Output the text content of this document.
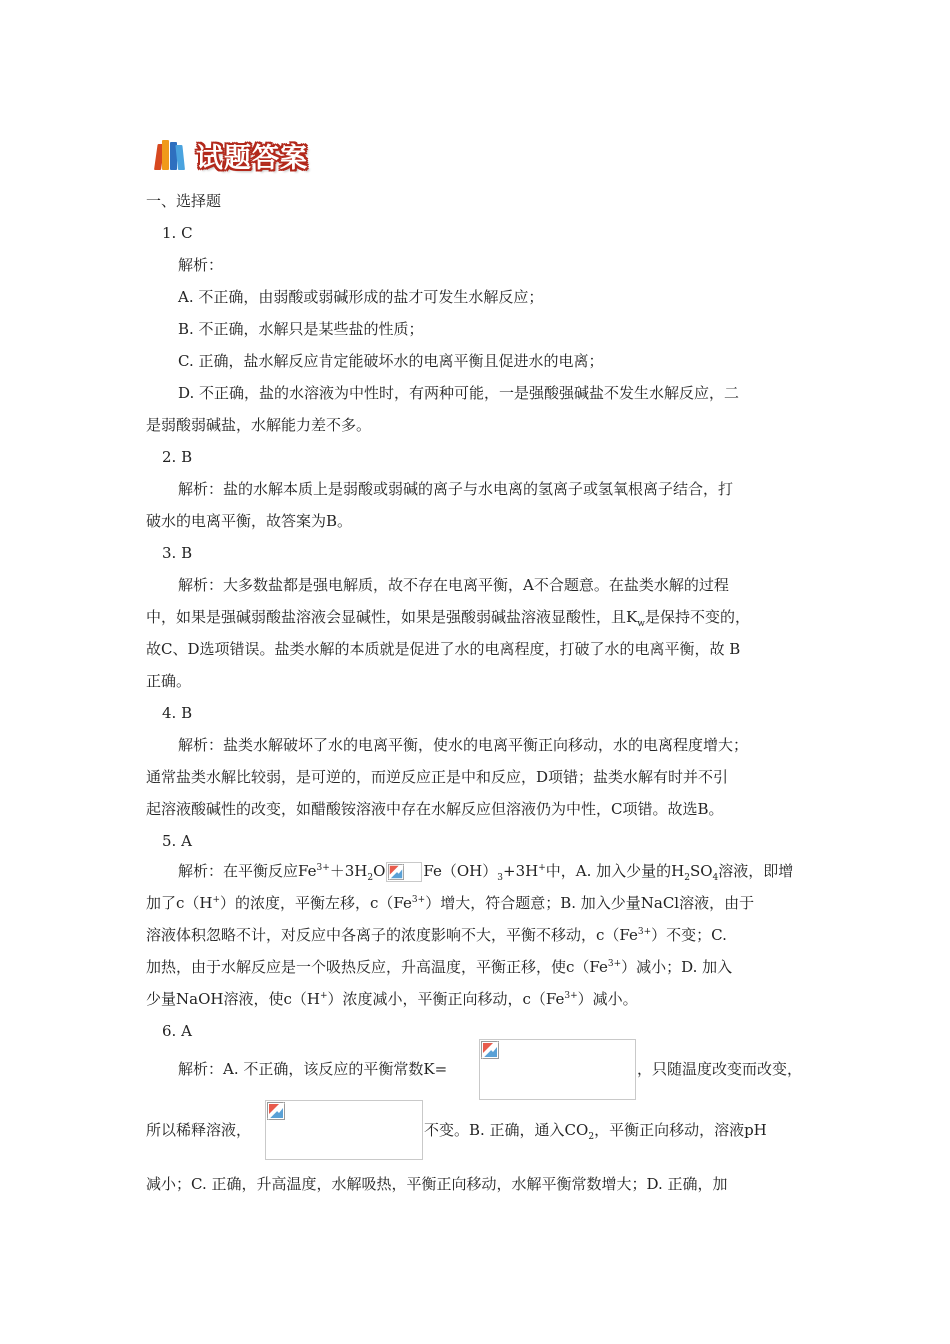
试题答案
一、选择题
1. C
解析：
A. 不正确，由弱酸或弱碱形成的盐才可发生水解反应；
B. 不正确，水解只是某些盐的性质；
C. 正确，盐水解反应肯定能破坏水的电离平衡且促进水的电离；
D. 不正确，盐的水溶液为中性时，有两种可能，一是强酸强碱盐不发生水解反应，二
是弱酸弱碱盐，水解能力差不多。
2. B
解析：盐的水解本质上是弱酸或弱碱的离子与水电离的氢离子或氢氧根离子结合，打
破水的电离平衡，故答案为B。
3. B
解析：大多数盐都是强电解质，故不存在电离平衡，A不合题意。在盐类水解的过程
中，如果是强碱弱酸盐溶液会显碱性，如果是强酸弱碱盐溶液显酸性，且$K_w$是保持不变的，
故C、D选项错误。盐类水解的本质就是促进了水的电离程度，打破了水的电离平衡，故 B
正确。
4. B
解析：盐类水解破坏了水的电离平衡，使水的电离平衡正向移动，水的电离程度增大；
通常盐类水解比较弱，是可逆的，而逆反应正是中和反应，D项错；盐类水解有时并不引
起溶液酸碱性的改变，如醋酸铵溶液中存在水解反应但溶液仍为中性，C项错。故选B。
5. A
解析：在平衡反应$Fe^{3+}+3H_2O$	$Fe(OH)_3+3H^+$中，A. 加入少量的$H_2SO_4$溶液，即增
加了c（H+）的浓度，平衡左移，$c(Fe^{3+})$增大，符合题意；B. 加入少量NaCl溶液，由于
溶液体积忽略不计，对反应中各离子的浓度影响不大，平衡不移动，$c(Fe^{3+})$不变；C.
加热，由于水解反应是一个吸热反应，升高温度，平衡正移，使$c(Fe^{3+})$减小；D. 加入
少量NaOH溶液，使c（H+）浓度减小，平衡正向移动，$c(Fe^{3+})$减小。
6. A
解析：A. 不正确，该反应的平衡常数K=	，只随温度改变而改变，
所以稀释溶液，	不变。B. 正确，通入$CO_2$，平衡正向移动，溶液pH
减小；C. 正确，升高温度，水解吸热，平衡正向移动，水解平衡常数增大；D. 正确，加
